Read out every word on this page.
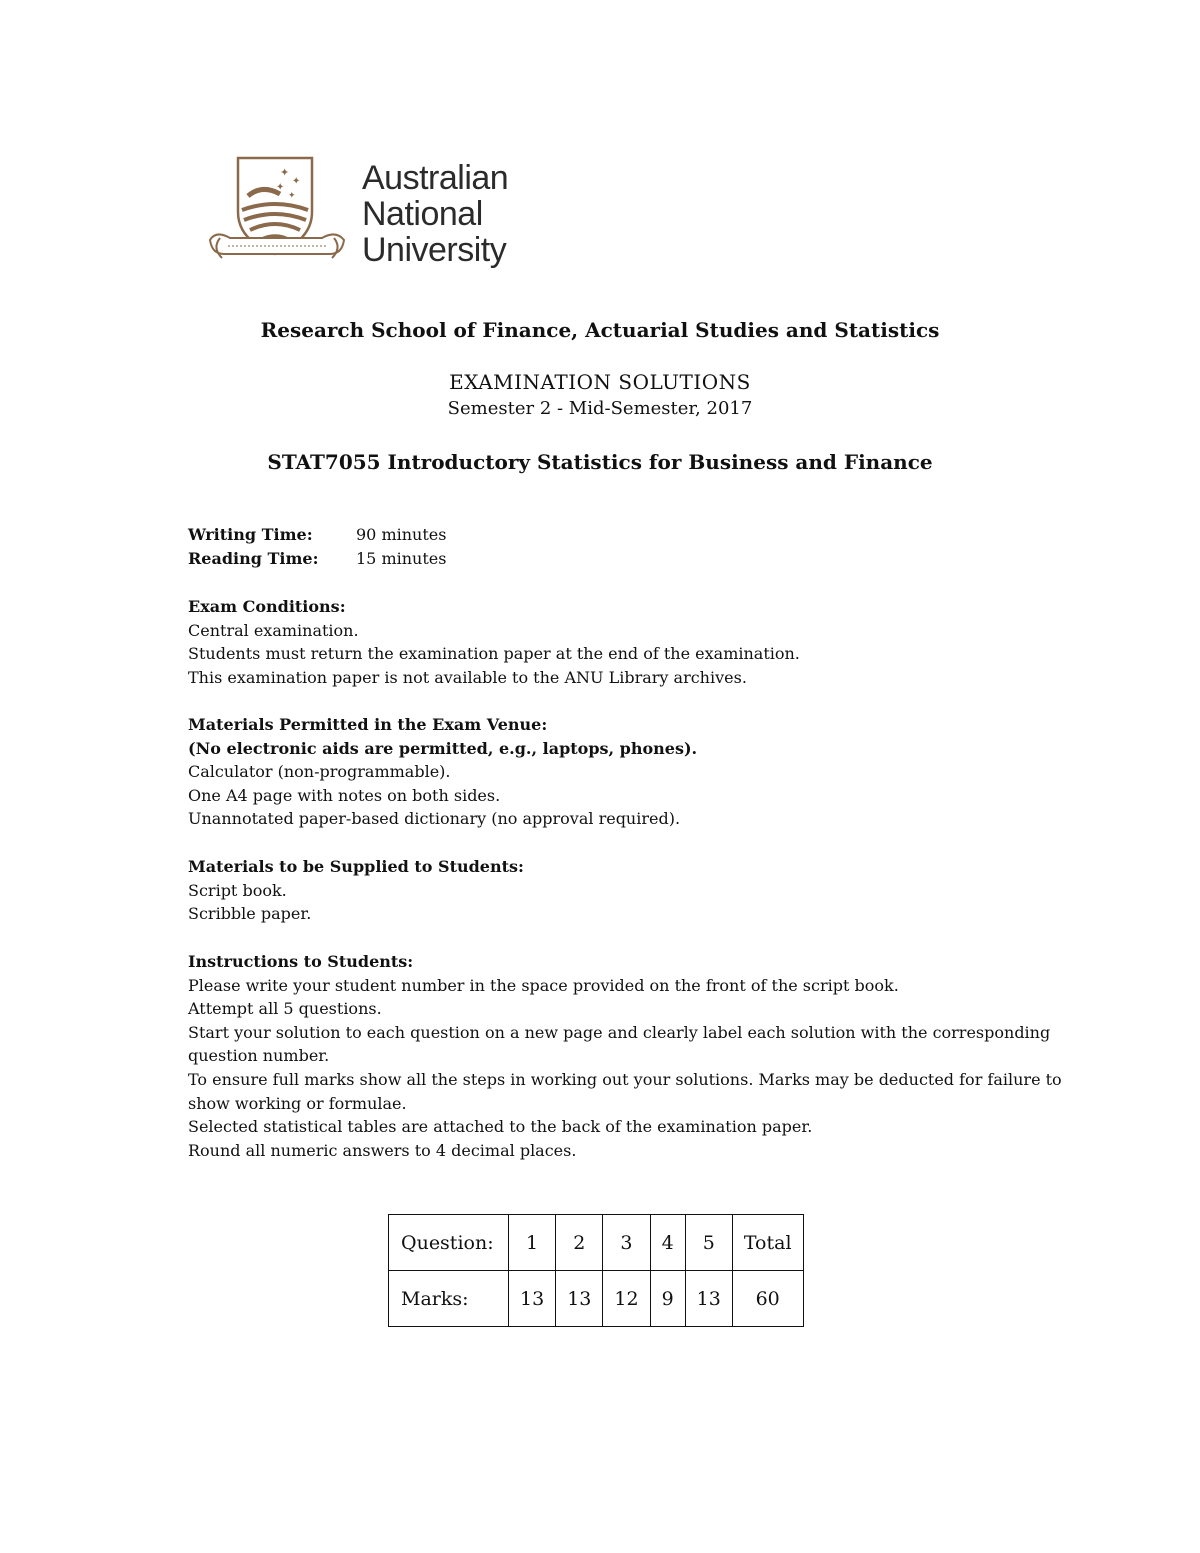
✦
✦
✦
✦ Australian
National
University
Research School of Finance, Actuarial Studies and Statistics
EXAMINATION SOLUTIONS
Semester 2 - Mid-Semester, 2017
STAT7055 Introductory Statistics for Business and Finance
Writing Time:	90 minutes
Reading Time:	15 minutes
Exam Conditions:
Central examination.
Students must return the examination paper at the end of the examination.
This examination paper is not available to the ANU Library archives.
Materials Permitted in the Exam Venue:
(No electronic aids are permitted, e.g., laptops, phones).
Calculator (non-programmable).
One A4 page with notes on both sides.
Unannotated paper-based dictionary (no approval required).
Materials to be Supplied to Students:
Script book.
Scribble paper.
Instructions to Students:
Please write your student number in the space provided on the front of the script book.
Attempt all 5 questions.
Start your solution to each question on a new page and clearly label each solution with the corresponding question number.
To ensure full marks show all the steps in working out your solutions. Marks may be deducted for failure to show working or formulae.
Selected statistical tables are attached to the back of the examination paper.
Round all numeric answers to 4 decimal places.
Question:	1	2	3	4	5	Total
Marks:	13	13	12	9	13	60
